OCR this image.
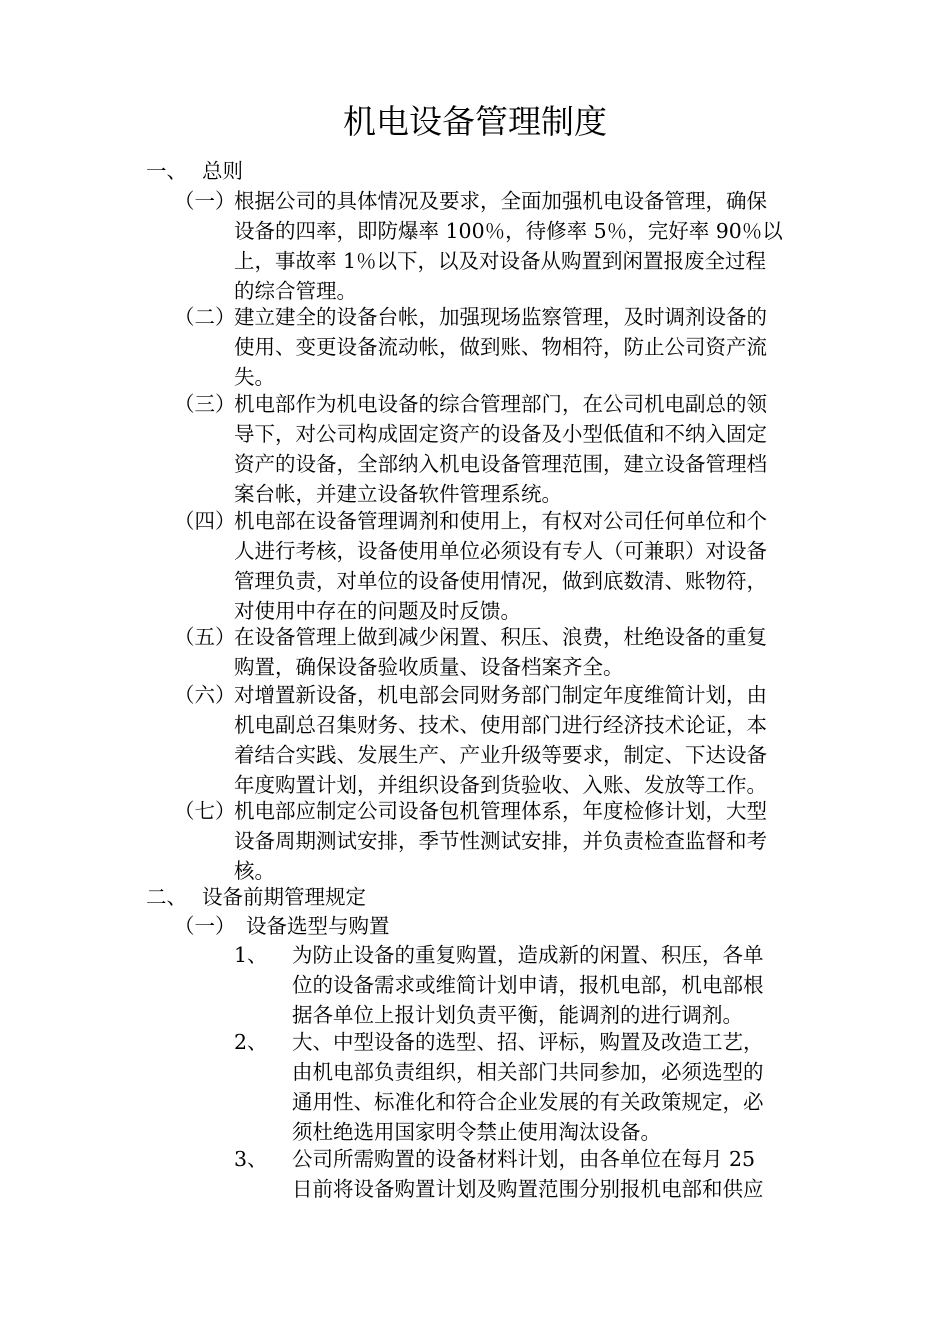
机电设备管理制度
一、 总则
（一）
根据公司的具体情况及要求，全面加强机电设备管理，确保
设备的四率，即防爆率 100％，待修率 5％，完好率 90％以
上，事故率 1％以下，以及对设备从购置到闲置报废全过程
的综合管理。
（二）
建立建全的设备台帐，加强现场监察管理，及时调剂设备的
使用、变更设备流动帐，做到账、物相符，防止公司资产流
失。
（三）
机电部作为机电设备的综合管理部门，在公司机电副总的领
导下，对公司构成固定资产的设备及小型低值和不纳入固定
资产的设备，全部纳入机电设备管理范围，建立设备管理档
案台帐，并建立设备软件管理系统。
（四）
机电部在设备管理调剂和使用上，有权对公司任何单位和个
人进行考核，设备使用单位必须设有专人（可兼职）对设备
管理负责，对单位的设备使用情况，做到底数清、账物符，
对使用中存在的问题及时反馈。
（五）
在设备管理上做到减少闲置、积压、浪费，杜绝设备的重复
购置，确保设备验收质量、设备档案齐全。
（六）
对增置新设备，机电部会同财务部门制定年度维简计划，由
机电副总召集财务、技术、使用部门进行经济技术论证，本
着结合实践、发展生产、产业升级等要求，制定、下达设备
年度购置计划，并组织设备到货验收、入账、发放等工作。
（七）
机电部应制定公司设备包机管理体系，年度检修计划，大型
设备周期测试安排，季节性测试安排，并负责检查监督和考
核。
二、 设备前期管理规定
（一） 设备选型与购置
1、 为防止设备的重复购置，造成新的闲置、积压，各单
位的设备需求或维简计划申请，报机电部，机电部根
据各单位上报计划负责平衡，能调剂的进行调剂。
2、 大、中型设备的选型、招、评标，购置及改造工艺，
由机电部负责组织，相关部门共同参加，必须选型的
通用性、标准化和符合企业发展的有关政策规定，必
须杜绝选用国家明令禁止使用淘汰设备。
3、 公司所需购置的设备材料计划，由各单位在每月 25
日前将设备购置计划及购置范围分别报机电部和供应
